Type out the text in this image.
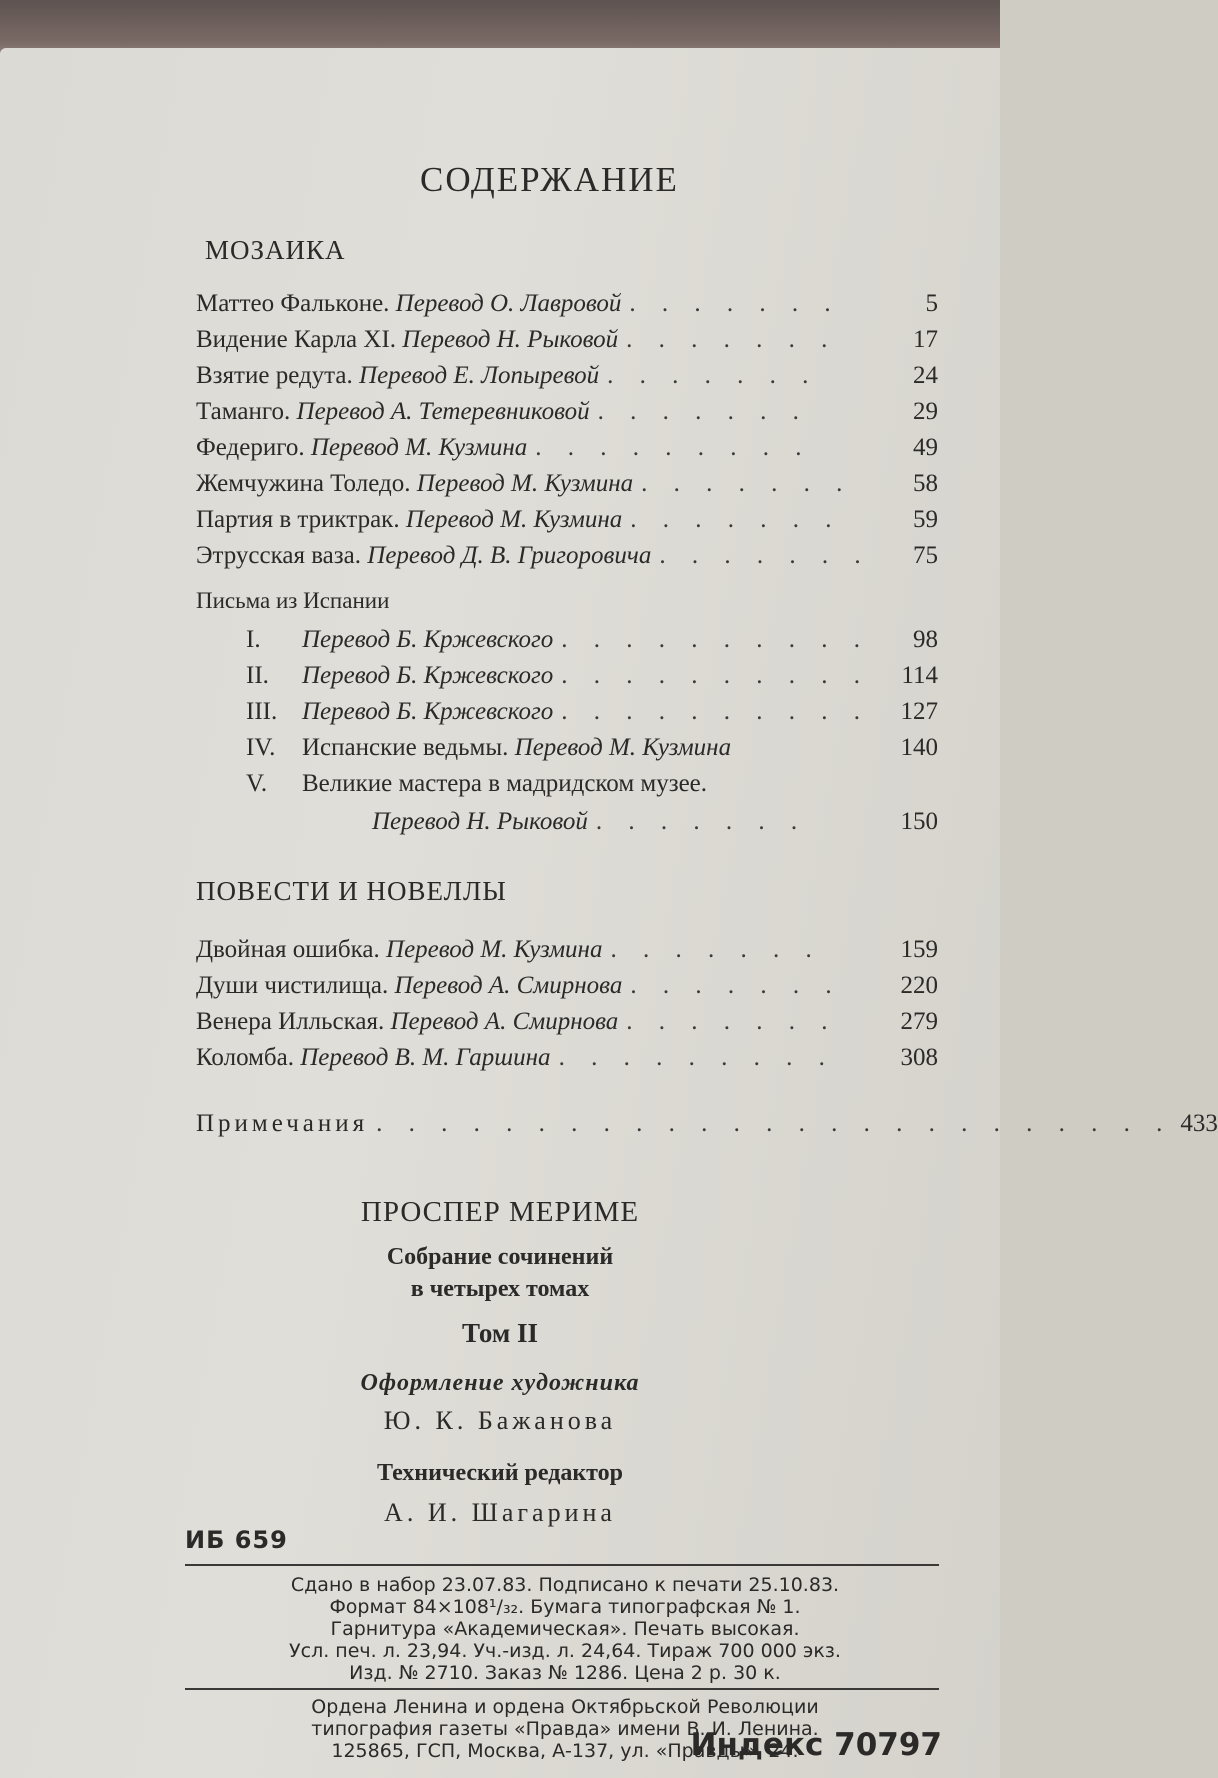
СОДЕРЖАНИЕ
МОЗАИКА
Маттео Фальконе. Перевод О. Лавровой . . . . . . .	5
Видение Карла XI. Перевод Н. Рыковой . . . . . . .	17
Взятие редута. Перевод Е. Лопыревой . . . . . . .	24
Таманго. Перевод А. Тетеревниковой . . . . . . .	29
Федериго. Перевод М. Кузмина . . . . . . . . .	49
Жемчужина Толедо. Перевод М. Кузмина . . . . . . .	58
Партия в триктрак. Перевод М. Кузмина . . . . . . .	59
Этрусская ваза. Перевод Д. В. Григоровича . . . . . . .	75
Письма из Испании
I. Перевод Б. Кржевского . . . . . . . . . .	98
II. Перевод Б. Кржевского . . . . . . . . . .	114
III. Перевод Б. Кржевского . . . . . . . . . .	127
IV. Испанские ведьмы. Перевод М. Кузмина	140
V. Великие мастера в мадридском музее.
Перевод Н. Рыковой . . . . . . .	150
ПОВЕСТИ И НОВЕЛЛЫ
Двойная ошибка. Перевод М. Кузмина . . . . . . .	159
Души чистилища. Перевод А. Смирнова . . . . . . .	220
Венера Илльская. Перевод А. Смирнова . . . . . . .	279
Коломба. Перевод В. М. Гаршина . . . . . . . . .	308
Примечания . . . . . . . . . . . . . . . . . . . . . . . . . 433
ПРОСПЕР МЕРИМЕ
Собрание сочинений
в четырех томах
Том II
Оформление художника
Ю. К. Бажанова
Технический редактор
А. И. Шагарина
ИБ 659
Сдано в набор 23.07.83. Подписано к печати 25.10.83.
Формат 84×108¹/₃₂. Бумага типографская № 1.
Гарнитура «Академическая». Печать высокая.
Усл. печ. л. 23,94. Уч.-изд. л. 24,64. Тираж 700 000 экз.
Изд. № 2710. Заказ № 1286. Цена 2 р. 30 к.
Ордена Ленина и ордена Октябрьской Революции
типография газеты «Правда» имени В. И. Ленина.
125865, ГСП, Москва, А-137, ул. «Правды», 24.
Индекс 70797
